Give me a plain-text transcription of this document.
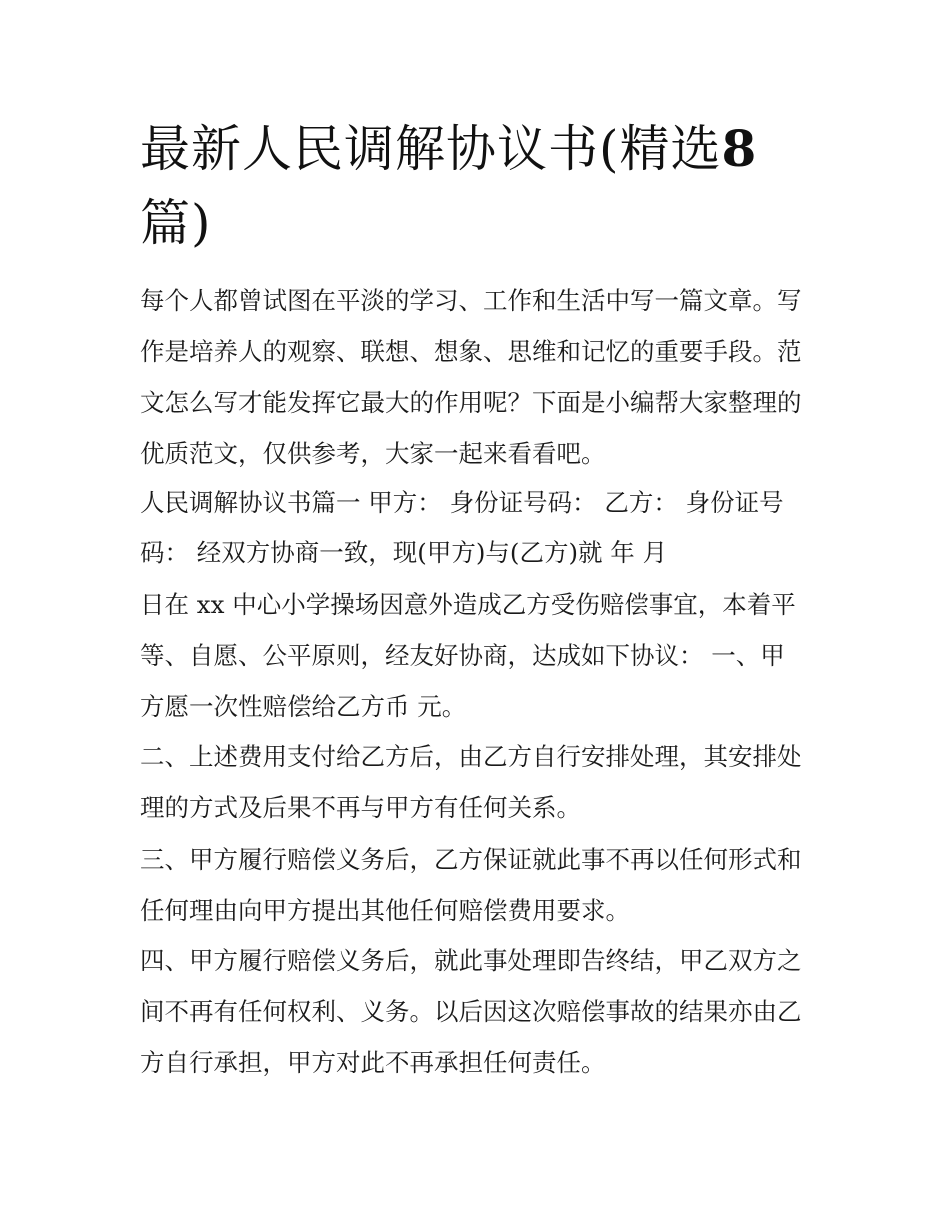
最新人民调解协议书(精选8
篇)

每个人都曾试图在平淡的学习、工作和生活中写一篇文章。写

作是培养人的观察、联想、想象、思维和记忆的重要手段。范

文怎么写才能发挥它最大的作用呢？下面是小编帮大家整理的

优质范文，仅供参考，大家一起来看看吧。

人民调解协议书篇一 甲方： 身份证号码： 乙方： 身份证号

码： 经双方协商一致，现(甲方)与(乙方)就 年 月

日在 xx 中心小学操场因意外造成乙方受伤赔偿事宜，本着平

等、自愿、公平原则，经友好协商，达成如下协议： 一、甲

方愿一次性赔偿给乙方币 元。

二、上述费用支付给乙方后，由乙方自行安排处理，其安排处

理的方式及后果不再与甲方有任何关系。

三、甲方履行赔偿义务后，乙方保证就此事不再以任何形式和

任何理由向甲方提出其他任何赔偿费用要求。

四、甲方履行赔偿义务后，就此事处理即告终结，甲乙双方之

间不再有任何权利、义务。以后因这次赔偿事故的结果亦由乙

方自行承担，甲方对此不再承担任何责任。
